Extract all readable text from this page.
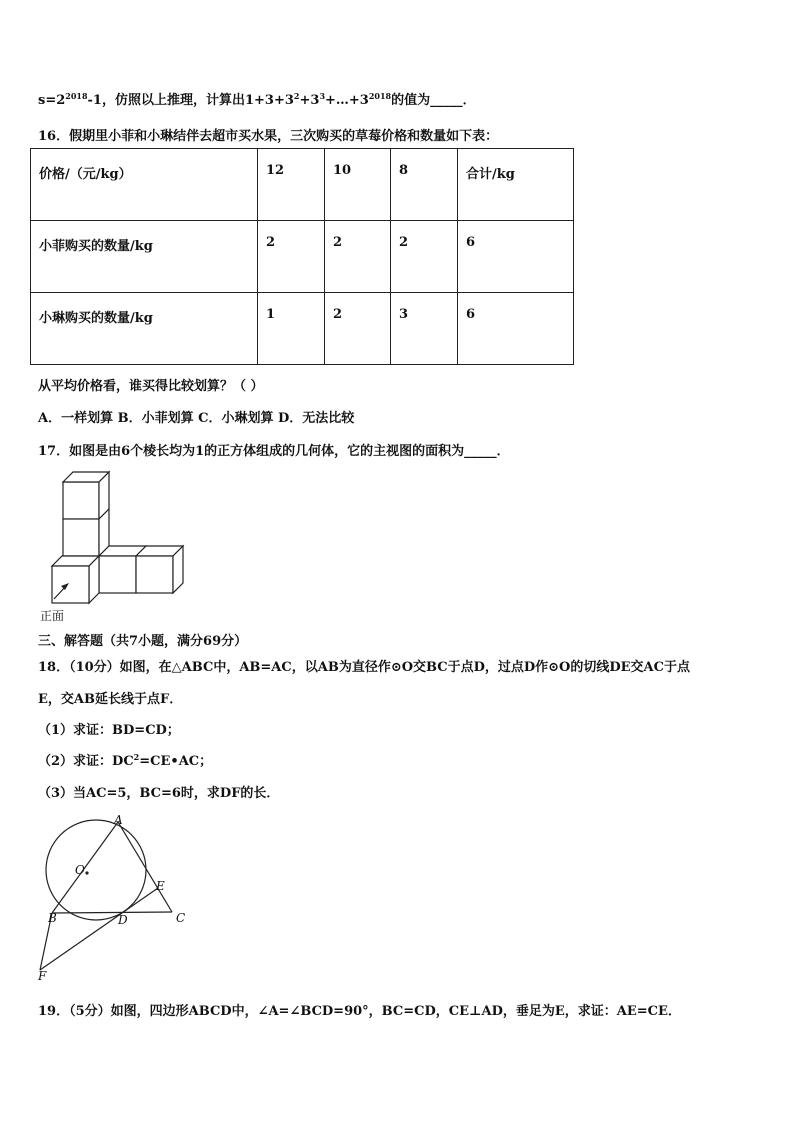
$s=2^{2018}-1$，仿照以上推理，计算出$1+3+3^2+3^3+\dots+3^{2018}$的值为_____．
16．假期里小菲和小琳结伴去超市买水果，三次购买的草莓价格和数量如下表：
价格/（元/kg）	12	10	8	合计/kg
小菲购买的数量/kg	2	2	2	6
小琳购买的数量/kg	1	2	3	6
从平均价格看，谁买得比较划算？（ ）
A．一样划算 B．小菲划算 C．小琳划算 D．无法比较
17．如图是由6个棱长均为1的正方体组成的几何体，它的主视图的面积为_____．
正面
三、解答题（共7小题，满分69分）
18．（10分）如图，在△ABC中，AB=AC，以AB为直径作⊙O交BC于点D，过点D作⊙O的切线DE交AC于点
E，交AB延长线于点F．
（1）求证：BD=CD；
（2）求证：$DC^2=CE•AC$；
（3）当AC=5，BC=6时，求DF的长．
A
O
E
B	D	C
F
19．（5分）如图，四边形ABCD中，∠A=∠BCD=90°，BC=CD，CE⊥AD，垂足为E，求证：AE=CE．
